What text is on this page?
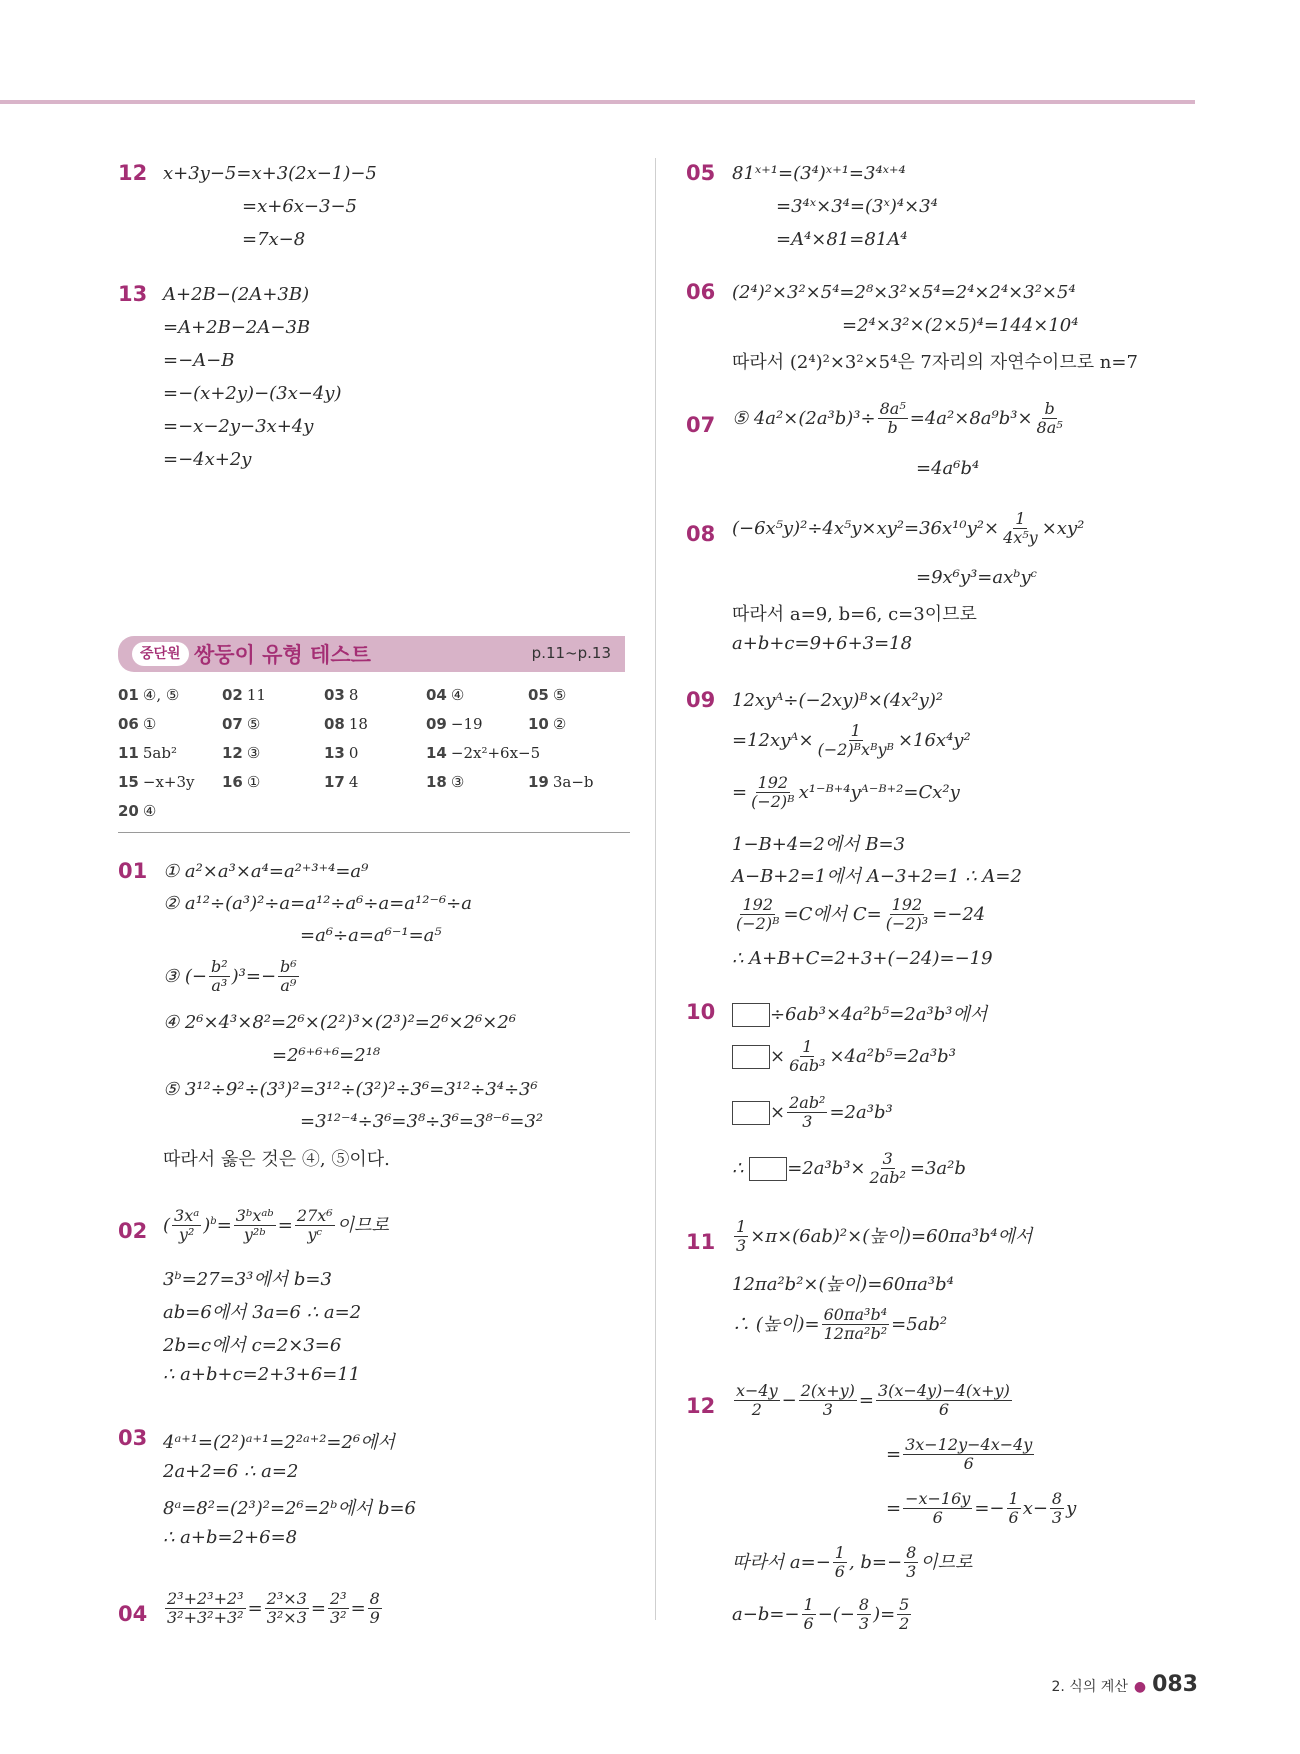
12 x+3y−5=x+3(2x−1)−5
=x+6x−3−5
=7x−8
13 A+2B−(2A+3B)
=A+2B−2A−3B
=−A−B
=−(x+2y)−(3x−4y)
=−x−2y−3x+4y
=−4x+2y
중단원 쌍둥이 유형 테스트	p.11~p.13
01 ④, ⑤	02 11	03 8	04 ④	05 ⑤
06 ①	07 ⑤	08 18	09 −19	10 ②
11 5ab²	12 ③	13 0	14 −2x²+6x−5
15 −x+3y 16 ①	17 4	18 ③	19 3a−b
20 ④
01 ① a²×a³×a⁴=a²⁺³⁺⁴=a⁹
② a¹²÷(a³)²÷a=a¹²÷a⁶÷a=a¹²⁻⁶÷a
=a⁶÷a=a⁶⁻¹=a⁵
③ (− $\frac{\text{b²}}{\text{a³}} )^3=- \frac{\text{b⁶}}{\text{a⁹}}$
④ 2⁶×4³×8²=2⁶×(2²)³×(2³)²=2⁶×2⁶×2⁶
=2⁶⁺⁶⁺⁶=2¹⁸
⑤ 3¹²÷9²÷(3³)²=3¹²÷(3²)²÷3⁶=3¹²÷3⁴÷3⁶
=3¹²⁻⁴÷3⁶=3⁸÷3⁶=3⁸⁻⁶=3²
따라서 옳은 것은 ④, ⑤이다.
02 ( $\frac{\text{3xᵃ}}{\text{y²}} )^b= \frac{\text{3ᵇxᵃᵇ}}{\text{y²ᵇ}} = \frac{\text{27x⁶}}{\text{yᶜ}}$ 이므로
3ᵇ=27=3³에서 b=3
ab=6에서 3a=6 ∴ a=2
2b=c에서 c=2×3=6
∴ a+b+c=2+3+6=11
03 4ᵃ⁺¹=(2²)ᵃ⁺¹=2²ᵃ⁺²=2⁶에서
2a+2=6 ∴ a=2
8ᵃ=8²=(2³)²=2⁶=2ᵇ에서 b=6
∴ a+b=2+6=8
$04 \frac{\text{2³+2³+2³}}{\text{3²+3²+3²}} = \frac{\text{2³×3}}{\text{3²×3}} = \frac{\text{2³}}{\text{3²}} = \frac{8}{9}$
05 81ˣ⁺¹=(3⁴)ˣ⁺¹=3⁴ˣ⁺⁴
=3⁴ˣ×3⁴=(3ˣ)⁴×3⁴
=A⁴×81=81A⁴
06 (2⁴)²×3²×5⁴=2⁸×3²×5⁴=2⁴×2⁴×3²×5⁴
=2⁴×3²×(2×5)⁴=144×10⁴
따라서 (2⁴)²×3²×5⁴은 7자리의 자연수이므로 n=7
07 ⑤ $4a^2\times(2a^3b)^3\div \frac{\text{8a⁵}}{b} =4a^2\times 8a^9b^3\times \frac{b}{\text{8a⁵}}$
=4a⁶b⁴
08 $(-6x^5y)^2\div 4x^5y\times xy^2=36x^{10}y^2\times \frac{1}{\text{4x⁵y}} \times xy^2$
=9x⁶y³=axᵇyᶜ
따라서 a=9, b=6, c=3이므로
a+b+c=9+6+3=18
09 12xyᴬ÷(−2xy)ᴮ×(4x²y)²
=12xyᴬ× $\frac{1}{\text{(−2)ᴮxᴮyᴮ}} \times 16x^4y^2$
= $\frac{192}{\text{(−2)ᴮ}}$ x¹⁻ᴮ⁺⁴yᴬ⁻ᴮ⁺²=Cx²y
1−B+4=2에서 B=3
A−B+2=1에서 A−3+2=1 ∴ A=2
$\frac{192}{\text{(−2)ᴮ}} =C$에서 $C= \frac{192}{\text{(−2)³}} =-24$
∴ A+B+C=2+3+(−24)=−19
10	÷6ab³×4a²b⁵=2a³b³에서
× $\frac{1}{\text{6ab³}} \times 4a^2b^5=2a^3b^3$
× $\frac{\text{2ab²}}{3} =2a^3b^3$
∴ $=2a^3b^3\times \frac{3}{\text{2ab²}} =3a^2b$
$11 \frac{1}{3} \times\pi\times(6ab)^2\times$(높이)=60πa³b⁴에서
12πa²b²×(높이)=60πa³b⁴
∴ (높이)= $\frac{\text{60πa³b⁴}}{\text{12πa²b²}} =5ab^2$
$12 \frac{x-4y}{2} - \frac{2(x+y)}{3} = \frac{3(x-4y)-4(x+y)}{6}$
= $\frac{3x-12y-4x-4y}{6}$
= $\frac{-x-16y}{6} =- \frac{1}{6} x- \frac{8}{3}$ y
따라서 $a=- \frac{1}{6}$ , $b=- \frac{8}{3}$ 이므로
$a-b=- \frac{1}{6}$ −(− $\frac{8}{3}$ )= $\frac{5}{2}$
2. 식의 계산 ● 083
